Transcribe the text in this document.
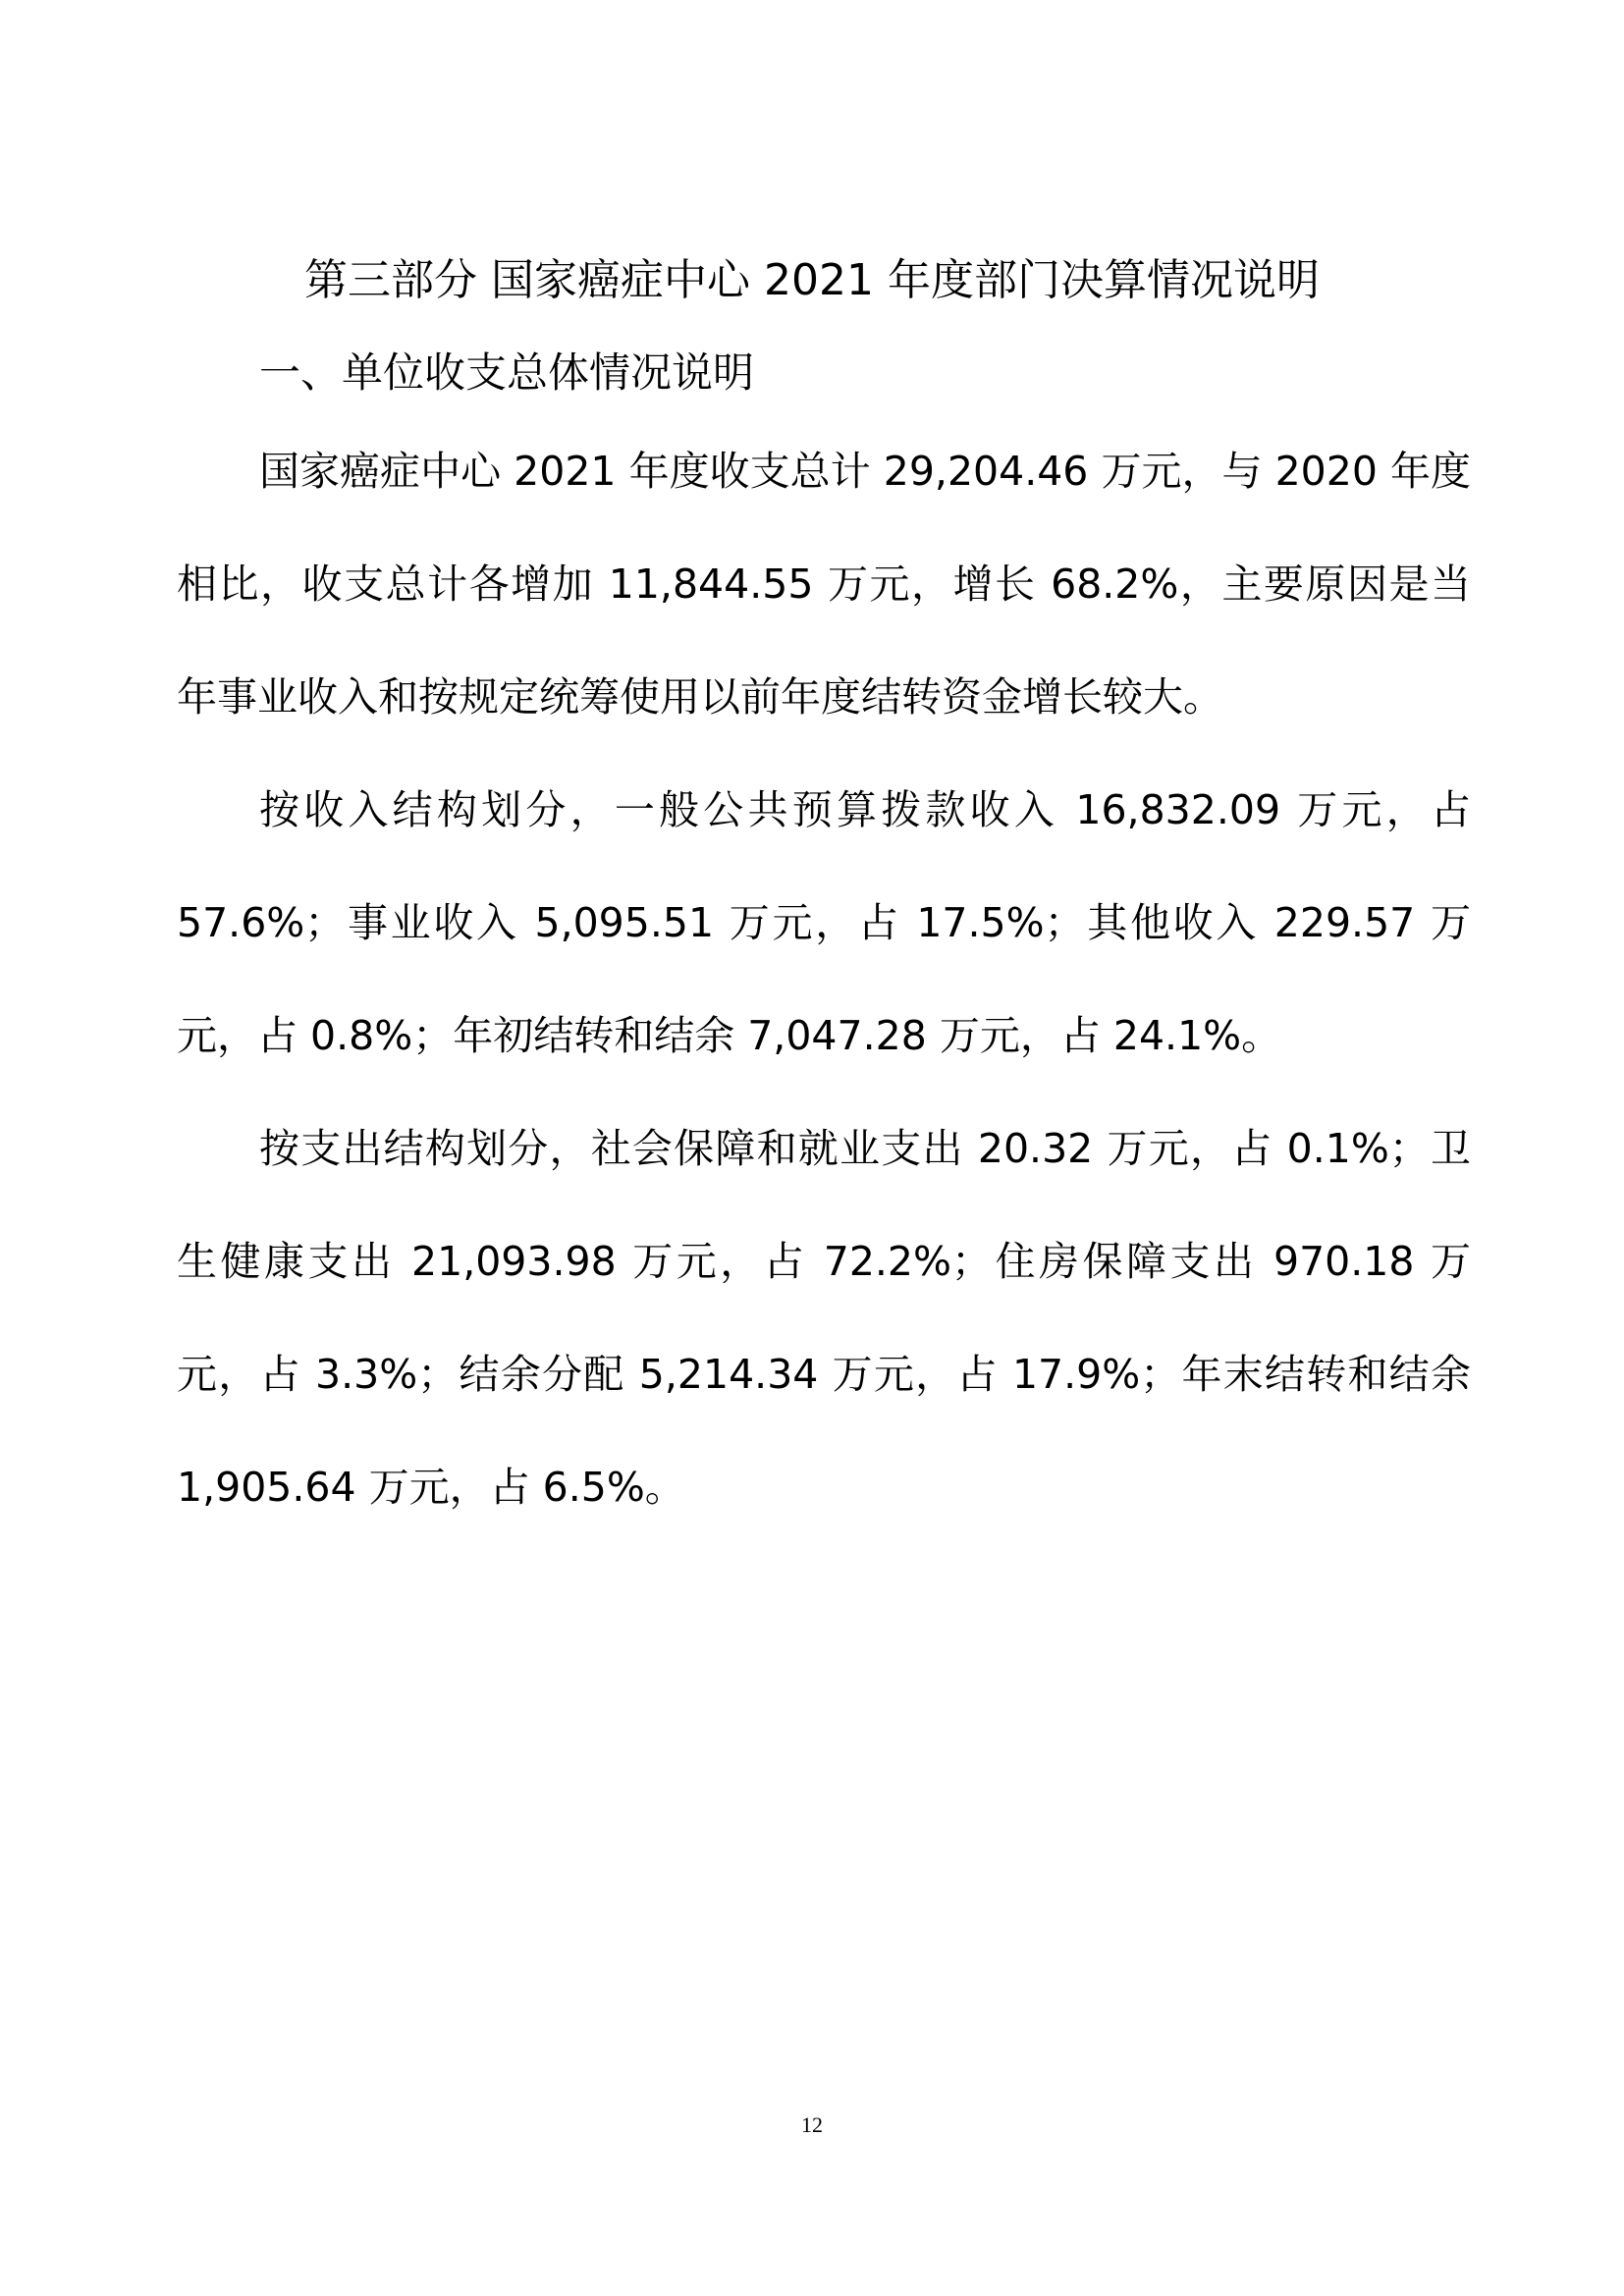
第三部分 国家癌症中心 2021 年度部门决算情况说明
一、单位收支总体情况说明

国家癌症中心 2021 年度收支总计 29,204.46 万元，与 2020 年度相比，收支总计各增加 11,844.55 万元，增长 68.2%，主要原因是当年事业收入和按规定统筹使用以前年度结转资金增长较大。

按收入结构划分，一般公共预算拨款收入 16,832.09 万元，占 57.6%；事业收入 5,095.51 万元，占 17.5%；其他收入 229.57 万元，占 0.8%；年初结转和结余 7,047.28 万元，占 24.1%。

按支出结构划分，社会保障和就业支出 20.32 万元，占 0.1%；卫生健康支出 21,093.98 万元，占 72.2%；住房保障支出 970.18 万元，占 3.3%；结余分配 5,214.34 万元，占 17.9%；年末结转和结余 1,905.64 万元，占 6.5%。

12
